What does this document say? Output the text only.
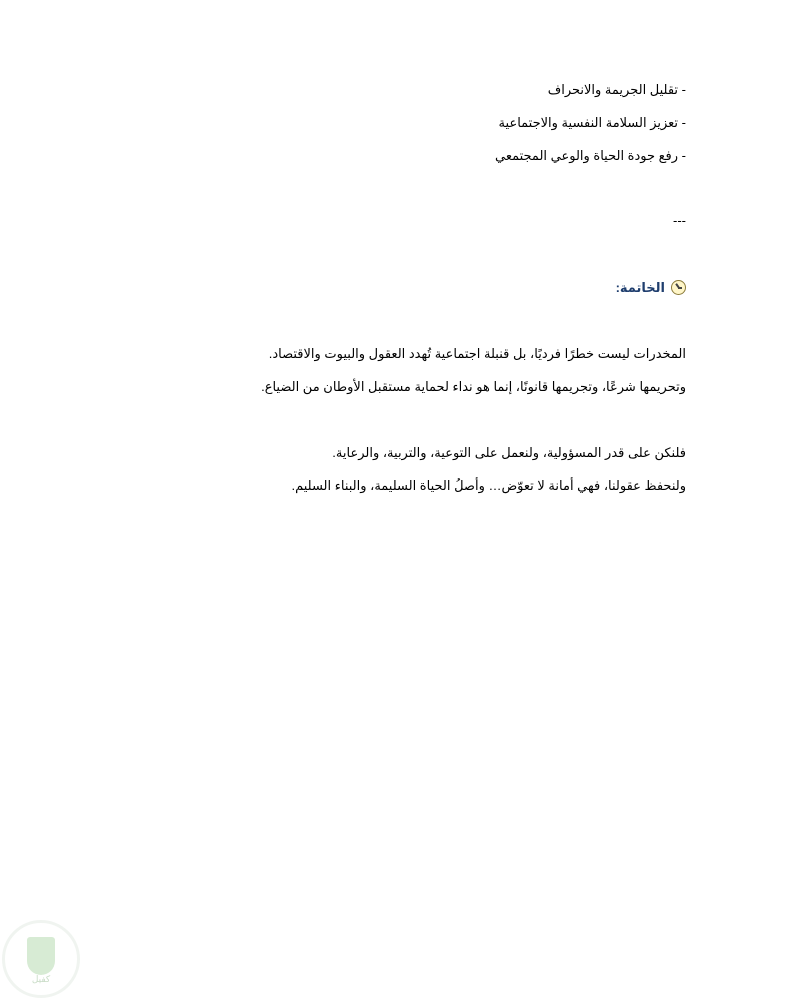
- تقليل الجريمة والانحراف
- تعزيز السلامة النفسية والاجتماعية
- رفع جودة الحياة والوعي المجتمعي
---
الخاتمة:
المخدرات ليست خطرًا فرديًا، بل قنبلة اجتماعية تُهدد العقول والبيوت والاقتصاد.
وتحريمها شرعًا، وتجريمها قانونًا، إنما هو نداء لحماية مستقبل الأوطان من الضياع.
فلنكن على قدر المسؤولية، ولنعمل على التوعية، والتربية، والرعاية.
ولنحفظ عقولنا، فهي أمانة لا تعوّض… وأصلُ الحياة السليمة، والبناء السليم.
كفيل
